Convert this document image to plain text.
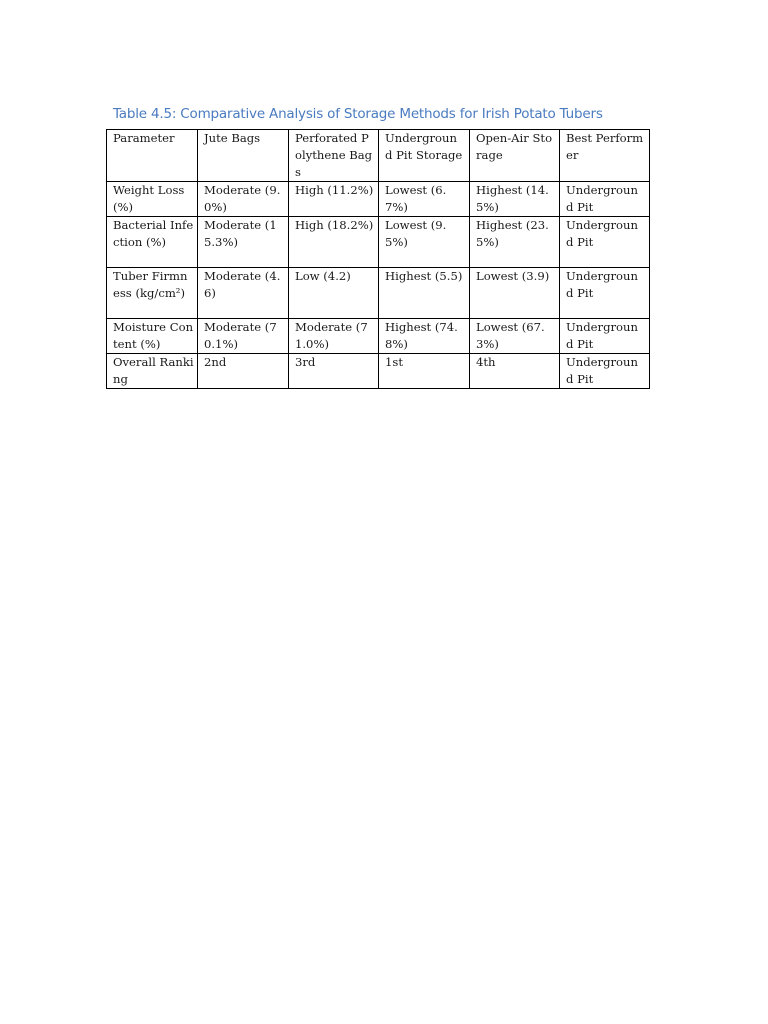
Table 4.5: Comparative Analysis of Storage Methods for Irish Potato Tubers
Parameter	Jute Bags	Perforated Polythene Bags	Undergroun d Pit Storage	Open-Air Storage	Best Performer
Weight Loss (%)	Moderate (9.0%)	High (11.2%)	Lowest (6.7%)	Highest (14.5%)	Undergroun d Pit
Bacterial Infection (%)	Moderate (15.3%)	High (18.2%)	Lowest (9.5%)	Highest (23.5%)	Undergroun d Pit
Tuber Firmness (kg/cm²)	Moderate (4.6)	Low (4.2)	Highest (5.5)	Lowest (3.9)	Undergroun d Pit
Moisture Content (%)	Moderate (70.1%)	Moderate (71.0%)	Highest (74.8%)	Lowest (67.3%)	Undergroun d Pit
Overall Ranking	2nd	3rd	1st	4th	Undergroun d Pit
